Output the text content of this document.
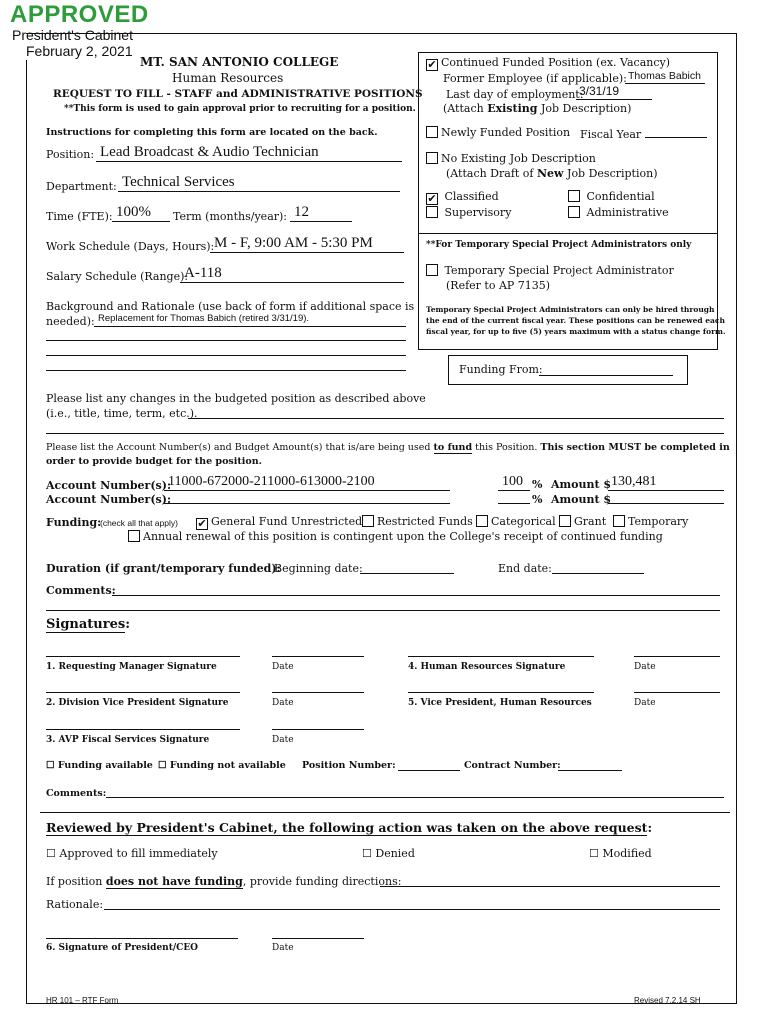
APPROVED
President's Cabinet
February 2, 2021
MT. SAN ANTONIO COLLEGE
Human Resources
REQUEST TO FILL - STAFF and ADMINISTRATIVE POSITIONS
**This form is used to gain approval prior to recruiting for a position.
Instructions for completing this form are located on the back.
Position: Lead Broadcast & Audio Technician
Department: Technical Services
Time (FTE): 100%	Term (months/year): 12
Work Schedule (Days, Hours): M - F, 9:00 AM - 5:30 PM
Salary Schedule (Range):
A-118
Background and Rationale (use back of form if additional space is
needed): Replacement for Thomas Babich (retired 3/31/19).
✔ Continued Funded Position (ex. Vacancy)
Former Employee (if applicable): Thomas Babich
Last day of employment:
3/31/19
(Attach Existing Job Description)
Newly Funded Position Fiscal Year
No Existing Job Description
(Attach Draft of New Job Description)
✔ Classified
Supervisory
Confidential
Administrative
**For Temporary Special Project Administrators only
Temporary Special Project Administrator
(Refer to AP 7135)
Temporary Special Project Administrators can only be hired through
the end of the current fiscal year. These positions can be renewed each
fiscal year, for up to five (5) years maximum with a status change form.
Funding From:
Please list any changes in the budgeted position as described above
(i.e., title, time, term, etc.).
Please list the Account Number(s) and Budget Amount(s) that is/are being used to fund this Position. This section MUST be completed in
order to provide budget for the position.
Account Number(s):
11000-672000-211000-613000-2100	100 % Amount $ 130,481
Account Number(s):	% Amount $
Funding:
(check all that apply) ✔ General Fund Unrestricted	Restricted Funds	Categorical	Grant	Temporary
Annual renewal of this position is contingent upon the College's receipt of continued funding
Duration (if grant/temporary funded):
Beginning date:	End date:
Comments:
Signatures:
1. Requesting Manager Signature	Date	4. Human Resources Signature	Date
2. Division Vice President Signature	Date	5. Vice President, Human Resources	Date
3. AVP Fiscal Services Signature	Date
☐ Funding available ☐ Funding not available Position Number:	Contract Number:
Comments:
Reviewed by President's Cabinet, the following action was taken on the above request:
☐ Approved to fill immediately	☐ Denied	☐ Modified
If position does not have funding, provide funding directions:
Rationale:
6. Signature of President/CEO	Date
HR 101 – RTF Form	Revised 7.2.14 SH
